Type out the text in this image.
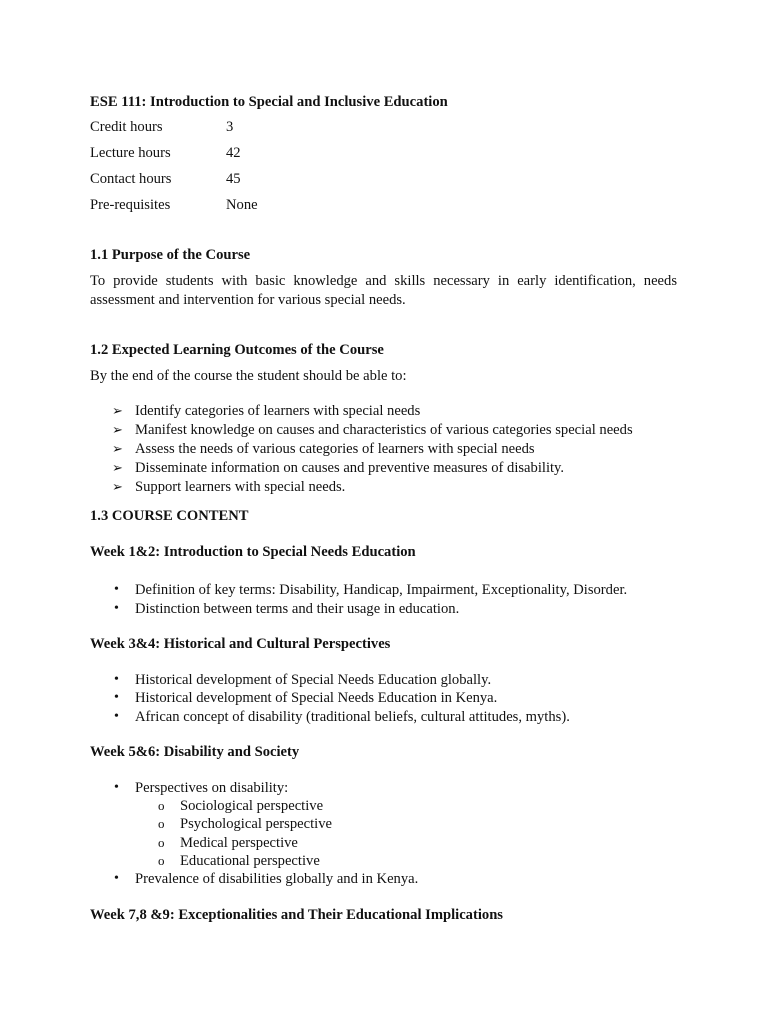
ESE 111: Introduction to Special and Inclusive Education
Credit hours	3
Lecture hours	42
Contact hours	45
Pre-requisites	None
1.1 Purpose of the Course
To provide students with basic knowledge and skills necessary in early identification, needs assessment and intervention for various special needs.
1.2 Expected Learning Outcomes of the Course
By the end of the course the student should be able to:
➢ Identify categories of learners with special needs
➢ Manifest knowledge on causes and characteristics of various categories special needs
➢ Assess the needs of various categories of learners with special needs
➢ Disseminate information on causes and preventive measures of disability.
➢ Support learners with special needs.
1.3 COURSE CONTENT
Week 1&2: Introduction to Special Needs Education
• Definition of key terms: Disability, Handicap, Impairment, Exceptionality, Disorder.
• Distinction between terms and their usage in education.
Week 3&4: Historical and Cultural Perspectives
• Historical development of Special Needs Education globally.
• Historical development of Special Needs Education in Kenya.
• African concept of disability (traditional beliefs, cultural attitudes, myths).
Week 5&6: Disability and Society
• Perspectives on disability:
o Sociological perspective
o Psychological perspective
o Medical perspective
o Educational perspective
• Prevalence of disabilities globally and in Kenya.
Week 7,8 &9: Exceptionalities and Their Educational Implications
